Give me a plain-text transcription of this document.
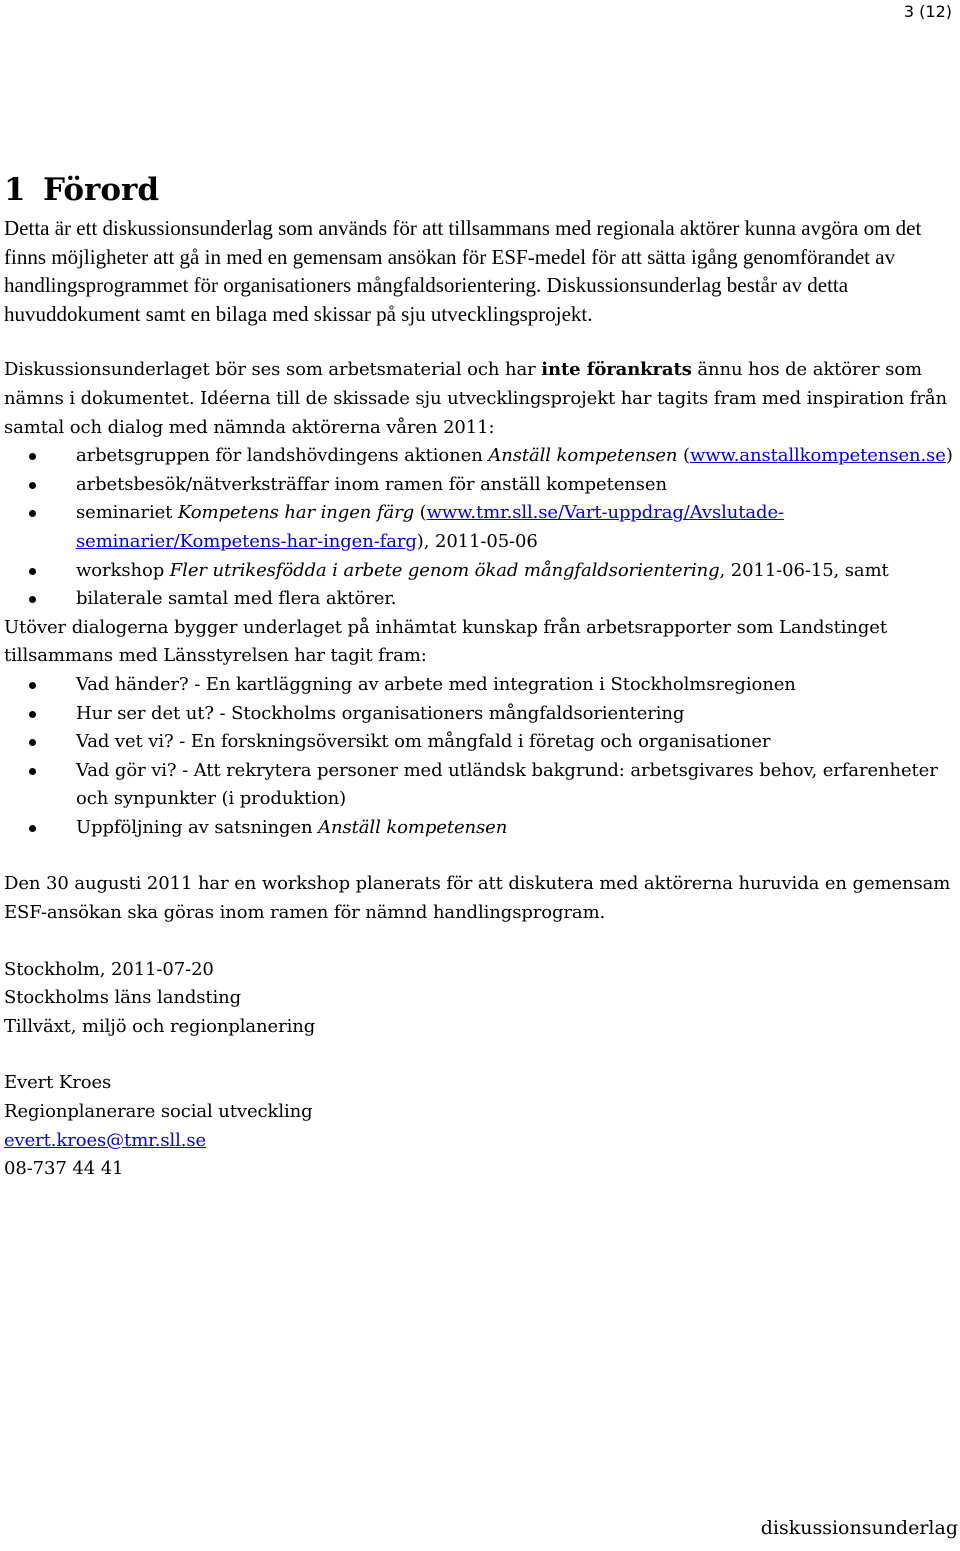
3 (12)
1 Förord

Detta är ett diskussionsunderlag som används för att tillsammans med regionala aktörer kunna avgöra om det finns möjligheter att gå in med en gemensam ansökan för ESF-medel för att sätta igång genomförandet av handlingsprogrammet för organisationers mångfaldsorientering. Diskussionsunderlag består av detta huvuddokument samt en bilaga med skissar på sju utvecklingsprojekt.

Diskussionsunderlaget bör ses som arbetsmaterial och har inte förankrats ännu hos de aktörer som nämns i dokumentet. Idéerna till de skissade sju utvecklingsprojekt har tagits fram med inspiration från samtal och dialog med nämnda aktörerna våren 2011:

arbetsgruppen för landshövdingens aktionen Anställ kompetensen (www.anstallkompetensen.se)
arbetsbesök/nätverksträffar inom ramen för anställ kompetensen
seminariet Kompetens har ingen färg (www.tmr.sll.se/Vart-uppdrag/Avslutade-seminarier/Kompetens-har-ingen-farg), 2011-05-06
workshop Fler utrikesfödda i arbete genom ökad mångfaldsorientering, 2011-06-15, samt
bilaterale samtal med flera aktörer.

Utöver dialogerna bygger underlaget på inhämtat kunskap från arbetsrapporter som Landstinget tillsammans med Länsstyrelsen har tagit fram:

Vad händer? - En kartläggning av arbete med integration i Stockholmsregionen
Hur ser det ut? - Stockholms organisationers mångfaldsorientering
Vad vet vi? - En forskningsöversikt om mångfald i företag och organisationer
Vad gör vi? - Att rekrytera personer med utländsk bakgrund: arbetsgivares behov, erfarenheter och synpunkter (i produktion)
Uppföljning av satsningen Anställ kompetensen

Den 30 augusti 2011 har en workshop planerats för att diskutera med aktörerna huruvida en gemensam ESF-ansökan ska göras inom ramen för nämnd handlingsprogram.

Stockholm, 2011-07-20
Stockholms läns landsting
Tillväxt, miljö och regionplanering
Evert Kroes
Regionplanerare social utveckling
evert.kroes@tmr.sll.se
08-737 44 41
diskussionsunderlag
